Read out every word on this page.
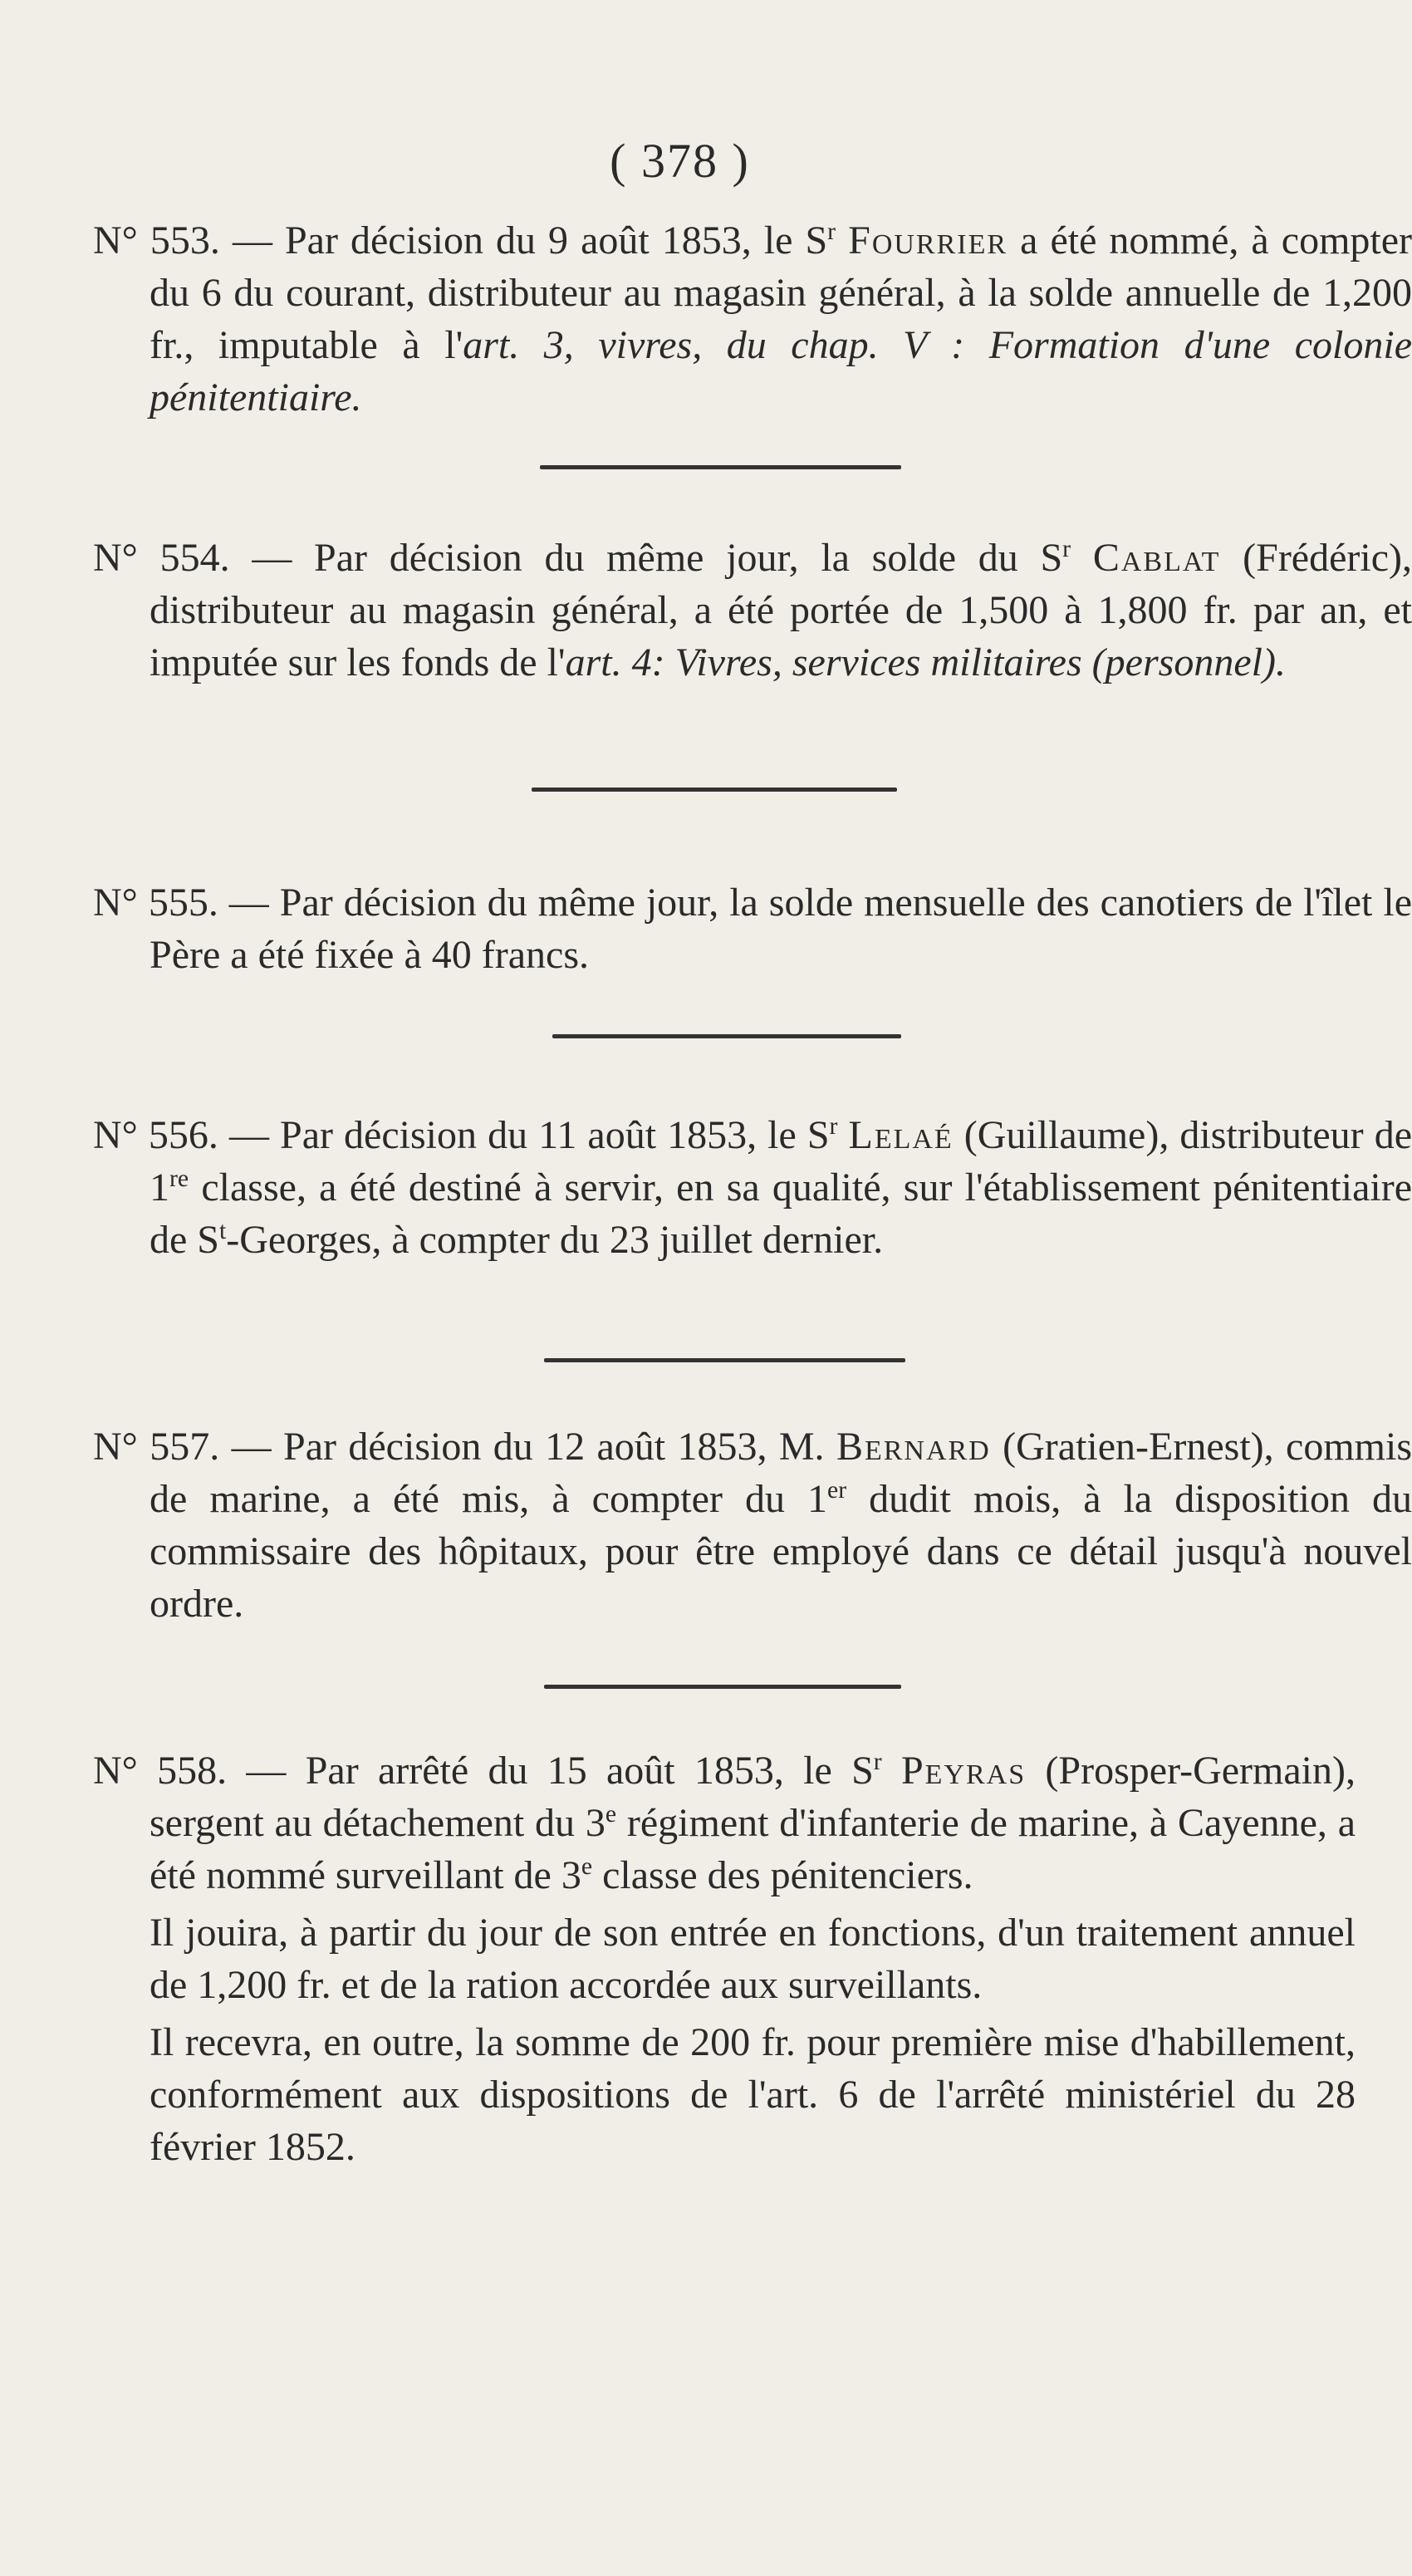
( 378 )

N° 553. — Par décision du 9 août 1853, le $S^r$ Fourrier a été nommé, à compter du 6 du courant, distributeur au magasin général, à la solde annuelle de 1,200 fr., imputable à l'art. 3, vivres, du chap. V : Formation d'une colonie pénitentiaire.

N° 554. — Par décision du même jour, la solde du $S^r$ Cablat (Frédéric), distributeur au magasin général, a été portée de 1,500 à 1,800 fr. par an, et imputée sur les fonds de l'art. 4: Vivres, services militaires (personnel).

N° 555. — Par décision du même jour, la solde mensuelle des canotiers de l'îlet le Père a été fixée à 40 francs.

N° 556. — Par décision du 11 août 1853, le $S^r$ Lelaé (Guillaume), distributeur de 1re classe, a été destiné à servir, en sa qualité, sur l'établissement pénitentiaire de $S^t$-Georges, à compter du 23 juillet dernier.

N° 557. — Par décision du 12 août 1853, M. Bernard (Gratien-Ernest), commis de marine, a été mis, à compter du 1er dudit mois, à la disposition du commissaire des hôpitaux, pour être employé dans ce détail jusqu'à nouvel ordre.

N° 558. — Par arrêté du 15 août 1853, le $S^r$ Peyras (Prosper-Germain), sergent au détachement du 3e régiment d'infanterie de marine, à Cayenne, a été nommé surveillant de 3e classe des pénitenciers.

Il jouira, à partir du jour de son entrée en fonctions, d'un traitement annuel de 1,200 fr. et de la ration accordée aux surveillants.

Il recevra, en outre, la somme de 200 fr. pour première mise d'habillement, conformément aux dispositions de l'art. 6 de l'arrêté ministériel du 28 février 1852.
